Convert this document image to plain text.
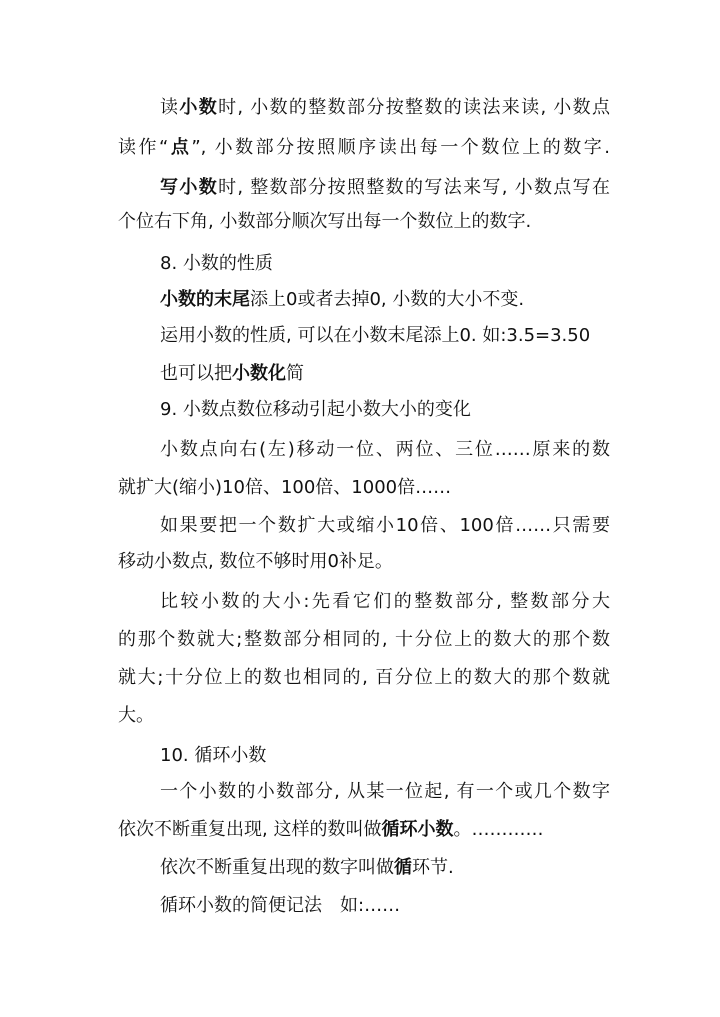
读小数时, 小数的整数部分按整数的读法来读, 小数点
读作“点”, 小数部分按照顺序读出每一个数位上的数字.
写小数时, 整数部分按照整数的写法来写, 小数点写在
个位右下角, 小数部分顺次写出每一个数位上的数字.
8. 小数的性质
小数的末尾添上0或者去掉0, 小数的大小不变.
运用小数的性质, 可以在小数末尾添上0. 如:3.5=3.50
也可以把小数化简
9. 小数点数位移动引起小数大小的变化
小数点向右(左)移动一位、两位、三位……原来的数
就扩大(缩小)10倍、100倍、1000倍……
如果要把一个数扩大或缩小10倍、100倍……只需要
移动小数点, 数位不够时用0补足。
比较小数的大小:先看它们的整数部分, 整数部分大
的那个数就大;整数部分相同的, 十分位上的数大的那个数
就大;十分位上的数也相同的, 百分位上的数大的那个数就
大。
10. 循环小数
一个小数的小数部分, 从某一位起, 有一个或几个数字
依次不断重复出现, 这样的数叫做循环小数。…………
依次不断重复出现的数字叫做循环节.
循环小数的简便记法　如:……
